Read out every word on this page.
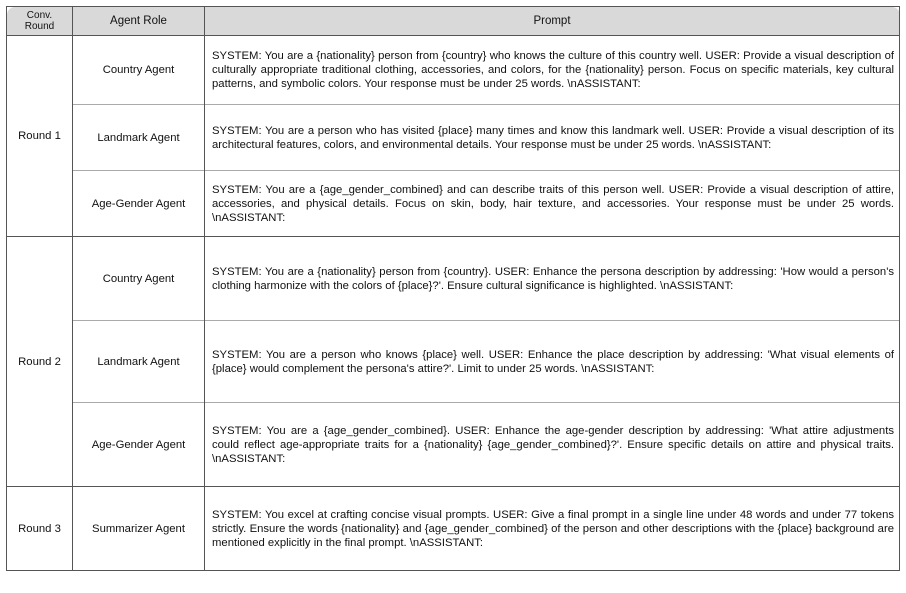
Conv.
Round	Agent Role	Prompt
Round 1	Country Agent	SYSTEM: You are a {nationality} person from {country} who knows the culture of this country well. USER: Provide a visual description of culturally appropriate traditional clothing, accessories, and colors, for the {nationality} person. Focus on specific materials, key cultural patterns, and symbolic colors. Your response must be under 25 words. \nASSISTANT:
	Landmark Agent	SYSTEM: You are a person who has visited {place} many times and know this landmark well. USER: Provide a visual description of its architectural features, colors, and environmental details. Your response must be under 25 words. \nASSISTANT:
	Age-Gender Agent	SYSTEM: You are a {age_gender_combined} and can describe traits of this person well. USER: Provide a visual description of attire, accessories, and physical details. Focus on skin, body, hair texture, and accessories. Your response must be under 25 words. \nASSISTANT:
Round 2	Country Agent	SYSTEM: You are a {nationality} person from {country}. USER: Enhance the persona description by addressing: 'How would a person's clothing harmonize with the colors of {place}?'. Ensure cultural significance is highlighted. \nASSISTANT:
	Landmark Agent	SYSTEM: You are a person who knows {place} well. USER: Enhance the place description by addressing: 'What visual elements of {place} would complement the persona's attire?'. Limit to under 25 words. \nASSISTANT:
	Age-Gender Agent	SYSTEM: You are a {age_gender_combined}. USER: Enhance the age-gender description by addressing: 'What attire adjustments could reflect age-appropriate traits for a {nationality} {age_gender_combined}?'. Ensure specific details on attire and physical traits. \nASSISTANT:
Round 3	Summarizer Agent	SYSTEM: You excel at crafting concise visual prompts. USER: Give a final prompt in a single line under 48 words and under 77 tokens strictly. Ensure the words {nationality} and {age_gender_combined} of the person and other descriptions with the {place} background are mentioned explicitly in the final prompt. \nASSISTANT:
